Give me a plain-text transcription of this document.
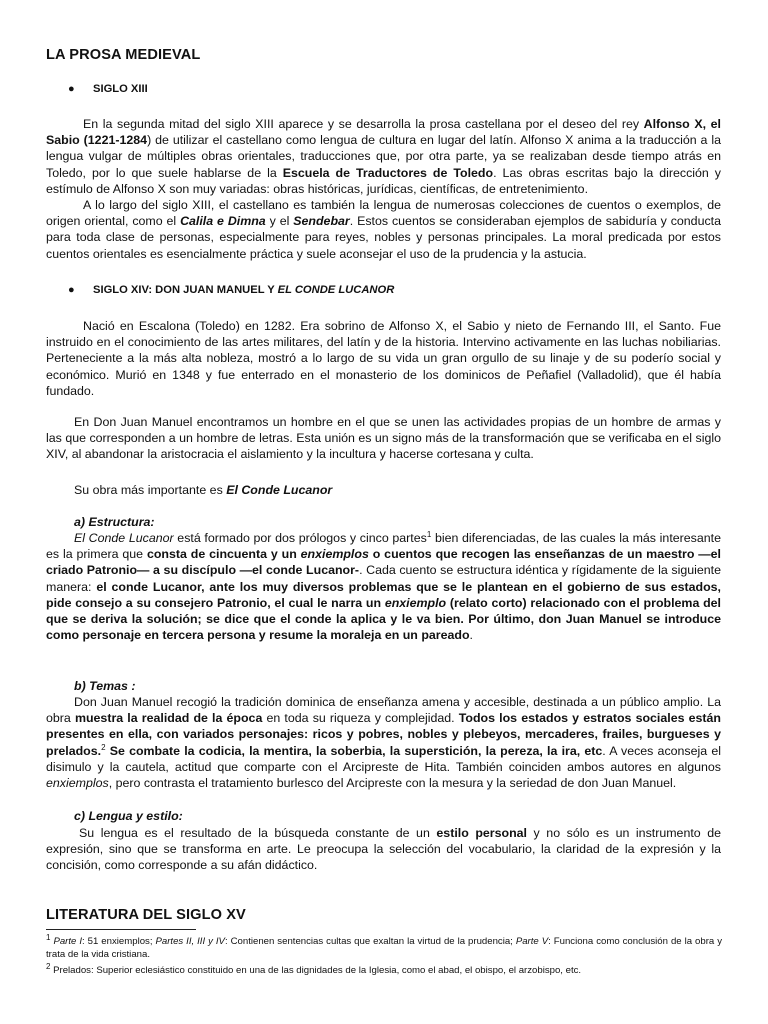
LA PROSA MEDIEVAL
● SIGLO XIII
En la segunda mitad del siglo XIII aparece y se desarrolla la prosa castellana por el deseo del rey Alfonso X, el Sabio (1221-1284) de utilizar el castellano como lengua de cultura en lugar del latín. Alfonso X anima a la traducción a la lengua vulgar de múltiples obras orientales, traducciones que, por otra parte, ya se realizaban desde tiempo atrás en Toledo, por lo que suele hablarse de la Escuela de Traductores de Toledo. Las obras escritas bajo la dirección y estímulo de Alfonso X son muy variadas: obras históricas, jurídicas, científicas, de entretenimiento.
A lo largo del siglo XIII, el castellano es también la lengua de numerosas colecciones de cuentos o exemplos, de origen oriental, como el Calila e Dimna y el Sendebar. Estos cuentos se consideraban ejemplos de sabiduría y conducta para toda clase de personas, especialmente para reyes, nobles y personas principales. La moral predicada por estos cuentos orientales es esencialmente práctica y suele aconsejar el uso de la prudencia y la astucia.
● SIGLO XIV: DON JUAN MANUEL Y EL CONDE LUCANOR
Nació en Escalona (Toledo) en 1282. Era sobrino de Alfonso X, el Sabio y nieto de Fernando III, el Santo. Fue instruido en el conocimiento de las artes militares, del latín y de la historia. Intervino activamente en las luchas nobiliarias. Perteneciente a la más alta nobleza, mostró a lo largo de su vida un gran orgullo de su linaje y de su poderío social y económico. Murió en 1348 y fue enterrado en el monasterio de los dominicos de Peñafiel (Valladolid), que él había fundado.
En Don Juan Manuel encontramos un hombre en el que se unen las actividades propias de un hombre de armas y las que corresponden a un hombre de letras. Esta unión es un signo más de la transformación que se verificaba en el siglo XIV, al abandonar la aristocracia el aislamiento y la incultura y hacerse cortesana y culta.
Su obra más importante es El Conde Lucanor
a) Estructura:
El Conde Lucanor está formado por dos prólogos y cinco partes$^1$ bien diferenciadas, de las cuales la más interesante es la primera que consta de cincuenta y un enxiemplos o cuentos que recogen las enseñanzas de un maestro —el criado Patronio— a su discípulo —el conde Lucanor-. Cada cuento se estructura idéntica y rígidamente de la siguiente manera: el conde Lucanor, ante los muy diversos problemas que se le plantean en el gobierno de sus estados, pide consejo a su consejero Patronio, el cual le narra un enxiemplo (relato corto) relacionado con el problema del que se deriva la solución; se dice que el conde la aplica y le va bien. Por último, don Juan Manuel se introduce como personaje en tercera persona y resume la moraleja en un pareado.
b) Temas :
Don Juan Manuel recogió la tradición dominica de enseñanza amena y accesible, destinada a un público amplio. La obra muestra la realidad de la época en toda su riqueza y complejidad. Todos los estados y estratos sociales están presentes en ella, con variados personajes: ricos y pobres, nobles y plebeyos, mercaderes, frailes, burgueses y prelados.$^2$ Se combate la codicia, la mentira, la soberbia, la superstición, la pereza, la ira, etc. A veces aconseja el disimulo y la cautela, actitud que comparte con el Arcipreste de Hita. También coinciden ambos autores en algunos enxiemplos, pero contrasta el tratamiento burlesco del Arcipreste con la mesura y la seriedad de don Juan Manuel.
c) Lengua y estilo:
Su lengua es el resultado de la búsqueda constante de un estilo personal y no sólo es un instrumento de expresión, sino que se transforma en arte. Le preocupa la selección del vocabulario, la claridad de la expresión y la concisión, como corresponde a su afán didáctico.
LITERATURA DEL SIGLO XV
$^1$ Parte I: 51 enxiemplos; Partes II, III y IV: Contienen sentencias cultas que exaltan la virtud de la prudencia; Parte V: Funciona como conclusión de la obra y trata de la vida cristiana.
$^2$ Prelados: Superior eclesiástico constituido en una de las dignidades de la Iglesia, como el abad, el obispo, el arzobispo, etc.
